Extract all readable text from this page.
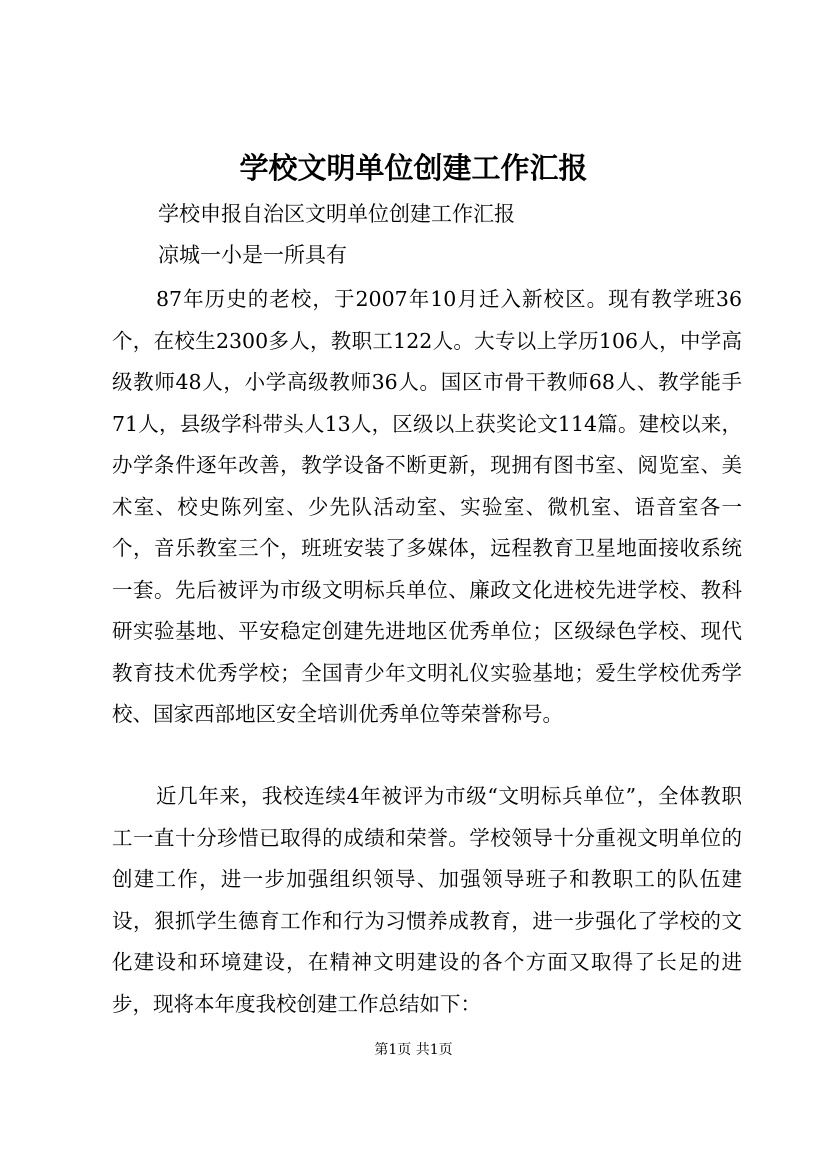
学校文明单位创建工作汇报
学校申报自治区文明单位创建工作汇报
凉城一小是一所具有

87年历史的老校，于2007年10月迁入新校区。现有教学班36个，在校生2300多人，教职工122人。大专以上学历106人，中学高级教师48人，小学高级教师36人。国区市骨干教师68人、教学能手71人，县级学科带头人13人，区级以上获奖论文114篇。建校以来，办学条件逐年改善，教学设备不断更新，现拥有图书室、阅览室、美术室、校史陈列室、少先队活动室、实验室、微机室、语音室各一个，音乐教室三个，班班安装了多媒体，远程教育卫星地面接收系统一套。先后被评为市级文明标兵单位、廉政文化进校先进学校、教科研实验基地、平安稳定创建先进地区优秀单位；区级绿色学校、现代教育技术优秀学校；全国青少年文明礼仪实验基地；爱生学校优秀学校、国家西部地区安全培训优秀单位等荣誉称号。

近几年来，我校连续4年被评为市级“文明标兵单位”，全体教职工一直十分珍惜已取得的成绩和荣誉。学校领导十分重视文明单位的创建工作，进一步加强组织领导、加强领导班子和教职工的队伍建设，狠抓学生德育工作和行为习惯养成教育，进一步强化了学校的文化建设和环境建设，在精神文明建设的各个方面又取得了长足的进步，现将本年度我校创建工作总结如下：

第1页 共1页
